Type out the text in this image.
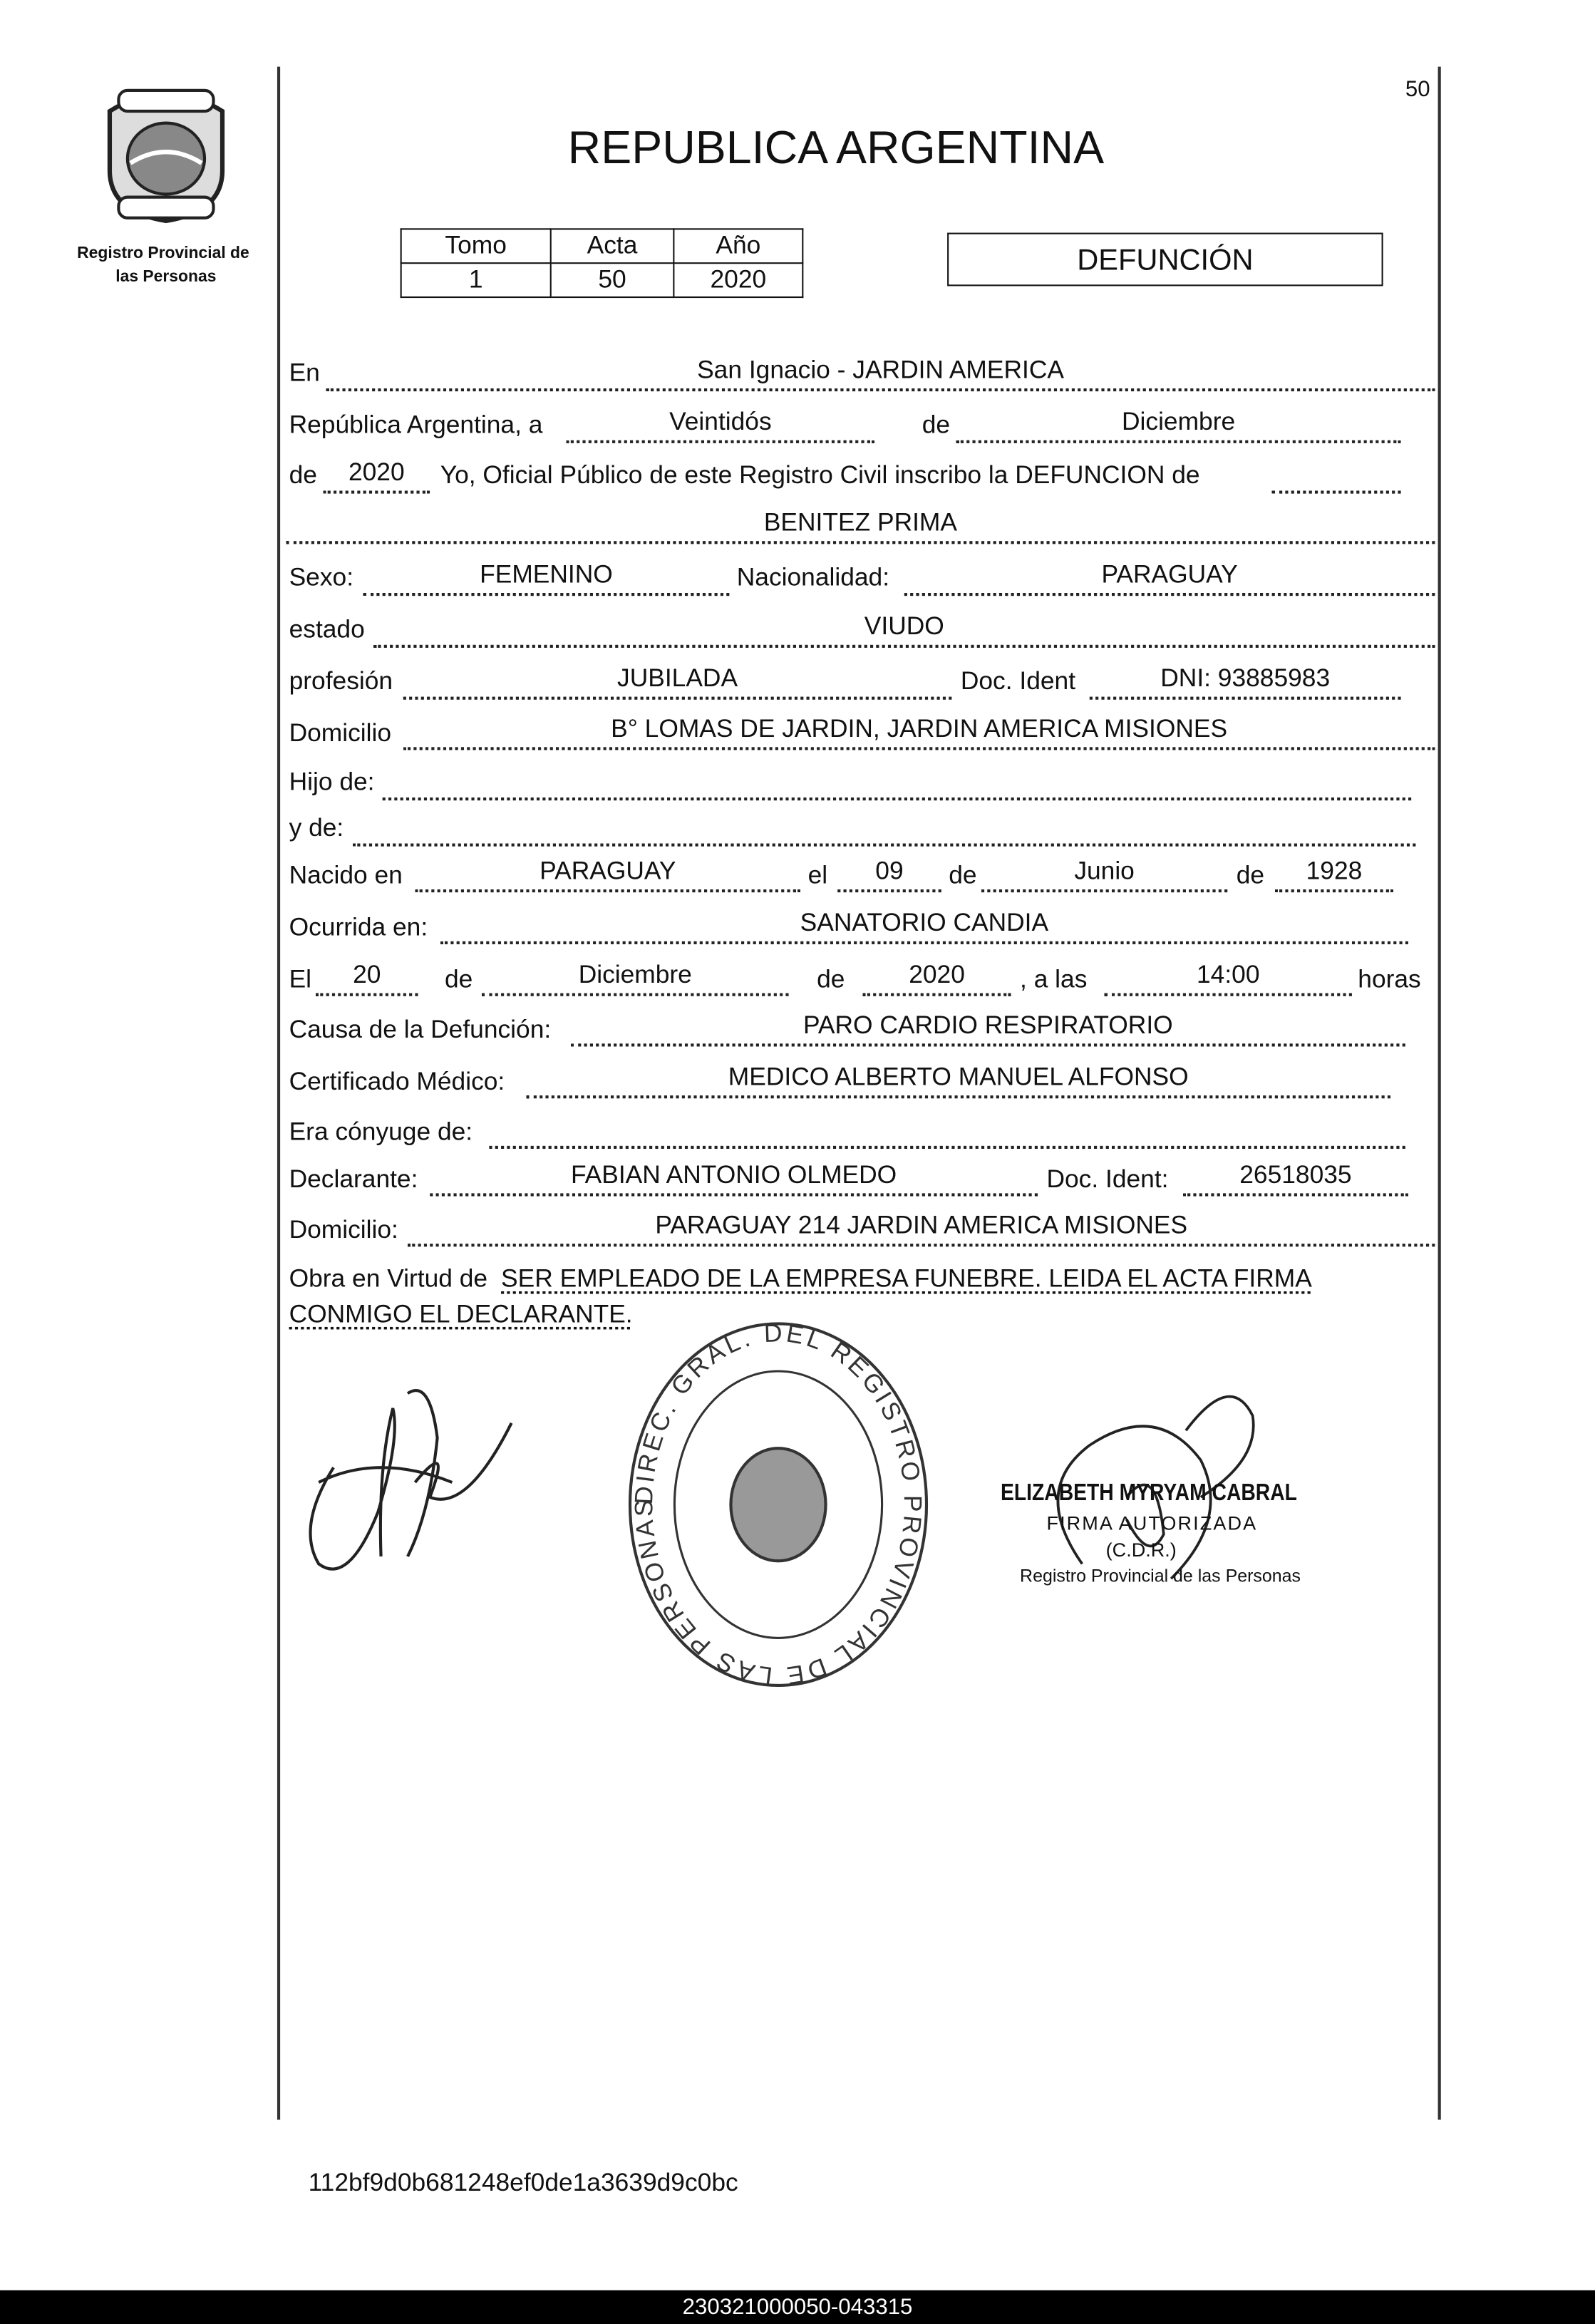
Registro Provincial de
las Personas
50
REPUBLICA ARGENTINA
Tomo	Acta	Año
1	50	2020
DEFUNCIÓN
En	San Ignacio - JARDIN AMERICA
República Argentina, a	Veintidós	de	Diciembre
de	2020	Yo, Oficial Público de este Registro Civil inscribo la DEFUNCION de
BENITEZ PRIMA
Sexo:	FEMENINO	Nacionalidad:	PARAGUAY
estado	VIUDO
profesión	JUBILADA	Doc. Ident	DNI: 93885983
Domicilio	B° LOMAS DE JARDIN, JARDIN AMERICA MISIONES
Hijo de:
y de:
Nacido en	PARAGUAY	el	09	de	Junio	de	1928
Ocurrida en:	SANATORIO CANDIA
El	20	de	Diciembre	de	2020	, a las	14:00	horas
Causa de la Defunción:	PARO CARDIO RESPIRATORIO
Certificado Médico:	MEDICO ALBERTO MANUEL ALFONSO
Era cónyuge de:
Declarante:	FABIAN ANTONIO OLMEDO	Doc. Ident:	26518035
Domicilio:	PARAGUAY 214 JARDIN AMERICA MISIONES
Obra en Virtud de SER EMPLEADO DE LA EMPRESA FUNEBRE. LEIDA EL ACTA FIRMA
CONMIGO EL DECLARANTE.
DIREC. GRAL. DEL REGISTRO PROVINCIAL DE LAS PERSONAS
ELIZABETH MYRYAM CABRAL
FIRMA AUTORIZADA
(C.D.R.)
Registro Provincial de las Personas
112bf9d0b681248ef0de1a3639d9c0bc
230321000050-043315
